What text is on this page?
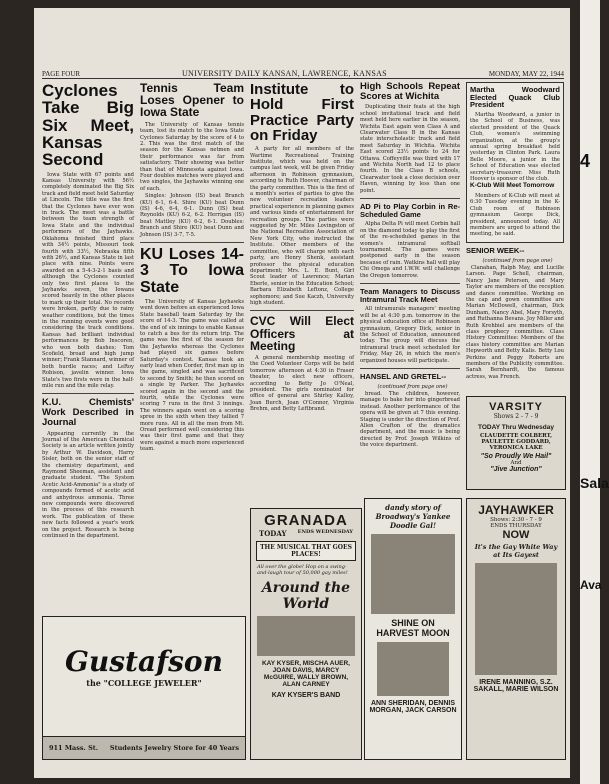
PAGE FOUR	UNIVERSITY DAILY KANSAN, LAWRENCE, KANSAS	MONDAY, MAY 22, 1944
Cyclones Take Big Six Meet, Kansas Second

Iowa State with 67 points and Kansas University with 56½ completely dominated the Big Six track and field meet held Saturday at Lincoln. The title was the first that the Cyclones have ever won in track. The meet was a battle between the team strength of Iowa State and the individual performers of the Jayhawks. Oklahoma finished third place with 34½ points, Missouri took fourth with 33½, Nebraska fifth with 26½, and Kansas State in last place with nine. Points were awarded on a 5-4-3-2-1 basis and although the Cyclones counted only two first places to the Jayhawks seven, the Iowans scored heavily in the other places to mark up their total. No records were broken, partly due to rainy weather conditions, but the times in the running events were good considering the track conditions. Kansas had brilliant individual performances by Bob Inscoren, who won both dashes; Tom Scofield, broad and high jump winner; Frank Stannard, winner of both hurdle races; and LeRoy Robison, javelin winner. Iowa State's two firsts were in the half-mile run and the mile relay.

K.U. Chemists' Work Described in Journal

Appearing currently in the Journal of the American Chemical Society is an article written jointly by Arthur W. Davidson, Harry Sisler, both on the senior staff of the chemistry department, and Raymond Sheeman, assistant and graduate student. "The System Acetic Acid-Ammonia" is a study of compounds formed of acetic acid and anhydrous ammonia. Three new compounds were discovered in the process of this research work. The publication of these new facts followed a year's work on the project. Research is being continued in the department.

Tennis Team Loses Opener to Iowa State

The University of Kansas tennis team, lost its match to the Iowa State Cyclones Saturday by the score of 4 to 2. This was the first match of the season for the Kansas netmen and their performance was far from satisfactory. Their showing was better than that of Minnesota against Iowa. Four doubles matches were played and two singles, the Jayhawks winning one of each.

Singles: Johnson (IS) beat Branch (KU) 6-1, 6-4. Shire (KU) beat Dunn (IS) 4-6, 6-4, 6-1. Dunn (IS) beat Reynolds (KU) 6-2, 6-2. Herrigan (IS) beat Mattley (KU) 6-2, 6-1. Doubles: Branch and Shire (KU) beat Dunn and Johnson (IS) 3-7, 7-5.

KU Loses 14-3 To Iowa State

The University of Kansas Jayhawks went down before an experienced Iowa State baseball team Saturday by the score of 14-3. The game was called at the end of six innings to enable Kansas to catch a bus for its return trip. The game was the first of the season for the Jayhawks whereas the Cyclones had played six games before Saturday's contest. Kansas took an early lead when Corder, first man up in the game, singled and was sacrificed to second by Smith; he then scored on a single by Parker. The Jayhawks scored again in the second and the fourth, while the Cyclones were scoring 7 runs in the first 3 innings. The winners again went on a scoring spree in the sixth when they tallied 7 more runs. All in all the men from Mt. Oread performed well considering this was their first game and that they were against a much more experienced team.

Institute to Hold First Practice Party on Friday

A party for all members of the Wartime Recreational Training Institute, which was held on the campus last week, will be given Friday afternoon in Robinson gymnasium, according to Ruth Hoover, chairman of the party committee. This is the first of a month's series of parties to give the new volunteer recreation leaders practical experience in planning games and various kinds of entertainment for recreation groups. The parties were suggested by Mr. Miles Lovingston of the National Recreation Association of New York City, who instructed the Institute. Other members of the committee, who will charge with each party, are Henry Shenk, assistant professor the physical education department; Mrs. L. E. Bunt, Girl Scout leader of Lawrence; Marian Eberle, senior in the Education School; Barbara Elizabeth Leftonz, College sophomore; and Sue Kaczh, University high student.

CVC Will Elect Officers at Meeting

A general membership meeting of the Coed Volunteer Corps will be held tomorrow afternoon at 4:30 in Fraser theater, to elect new officers, according to Betty Jo O'Neal, president. The girls nominated for office of general are Shirley Kalloy, Joan Burch, Joan O'Connor, Virginia Brehm, and Betty Leftbrand.

High Schools Repeat Scores at Wichita

Duplicating their feats at the high school invitational track and field meet held here earlier in the season, Wichita East again won Class A and Clearwater Class B in the Kansas state interscholastic track and field meet Saturday in Wichita. Wichita East scored 23½ points to 24 for Ottawa. Coffeyville was third with 17 and Wichita North had 12 to place fourth. In the Class B schools, Clearwater took a close decision over Haven, winning by less than one point.

AD Pi to Play Corbin in Re-Scheduled Game

Alpha Delta Pi will meet Corbin hall on the diamond today to play the first of the re-scheduled games in the women's intramural softball tournament. The games were postponed early in the season because of rain. Watkins hall will play Chi Omega and I.W.W. will challenge the Oregon tomorrow.

Team Managers to Discuss Intramural Track Meet

All intramurals managers' meeting will be at 4:30 p.m. tomorrow in the physical education office at Robinson gymnasium, Gregory Dick, senior in the School of Education, announced today. The group will discuss the intramural track meet scheduled for Friday, May 26, in which the men's organized houses will participate.

HANSEL AND GRETEL--

(continued from page one)

bread. The children, however, manage to bake her into gingerbread instead. Another performance of the opera will be given at 7 this evening. Staging is under the direction of Prof. Allen Crafton of the dramatics department, and the music is being directed by Prof. Joseph Wilkins of the voice department.

Martha Woodward Elected Quack Club President

Martha Woodward, a junior in the School of Business, was elected president of the Quack Club, women's swimming organization, at the group's annual spring breakfast held yesterday in Clinton Park. Laura Belle Moore, a junior in the School of Education was elected secretary-treasurer. Miss Ruth Hoover is sponsor of the club.

K-Club Will Meet Tomorrow

Members of K-Club will meet at 6:30 Tuesday evening in the K-Club room of Robinson gymnasium George Dick, president, announced today. All members are urged to attend the meeting, he said.

SENIOR WEEK--

(continued from page one)

Clanahan, Ralph May, and Lucille Larson. Page Schell, chairman, Nancy Jane Petersen, and Mary Taylor are members of the reception and dance committee. Working on the cap and gown committee are Marian McDowell, chairman, Dick Dunham, Nancy Abel, Mary Forsyth, and Ruthanna Bevans. Joy Miller and Ruth Krehbiel are members of the class prophecy committee. Class History Committee: Members of the class history committee are Marian Hepworth and Betty Kalis. Betty Lou Perkins and Peggy Roberts are members of the Publicity committee. Sarah Bernhardt, the famous actress, was French.

VARSITY
Shows 2 - 7 - 9
TODAY Thru Wednesday
CLAUDETTE COLBERT, PAULETTE GODDARD, VERONICA LAKE
"So Proudly We Hail"
And
"Jive Junction"
Gustafson
the "COLLEGE JEWELER"
911 Mass. St. Students Jewelry Store for 40 Years
GRANADA
TODAY ENDS WEDNESDAY
THE MUSICAL THAT GOES PLACES!
All over the globe! Hop on a swing-and-laugh tour of 50,000 gay miles!
Around the World
KAY KYSER, MISCHA AUER, JOAN DAVIS, MARCY McGUIRE, WALLY BROWN, ALAN CARNEY
KAY KYSER'S BAND
dandy story of Broadway's Yankee Doodle Gal!
SHINE ON HARVEST MOON
ANN SHERIDAN, DENNIS MORGAN, JACK CARSON
JAYHAWKER
Shows: 2:30 - 7 - 9
ENDS THURSDAY
NOW
It's the Gay White Way at Its Gayest
IRENE MANNING, S.Z. SAKALL, MARIE WILSON
4
Sala
Ava
